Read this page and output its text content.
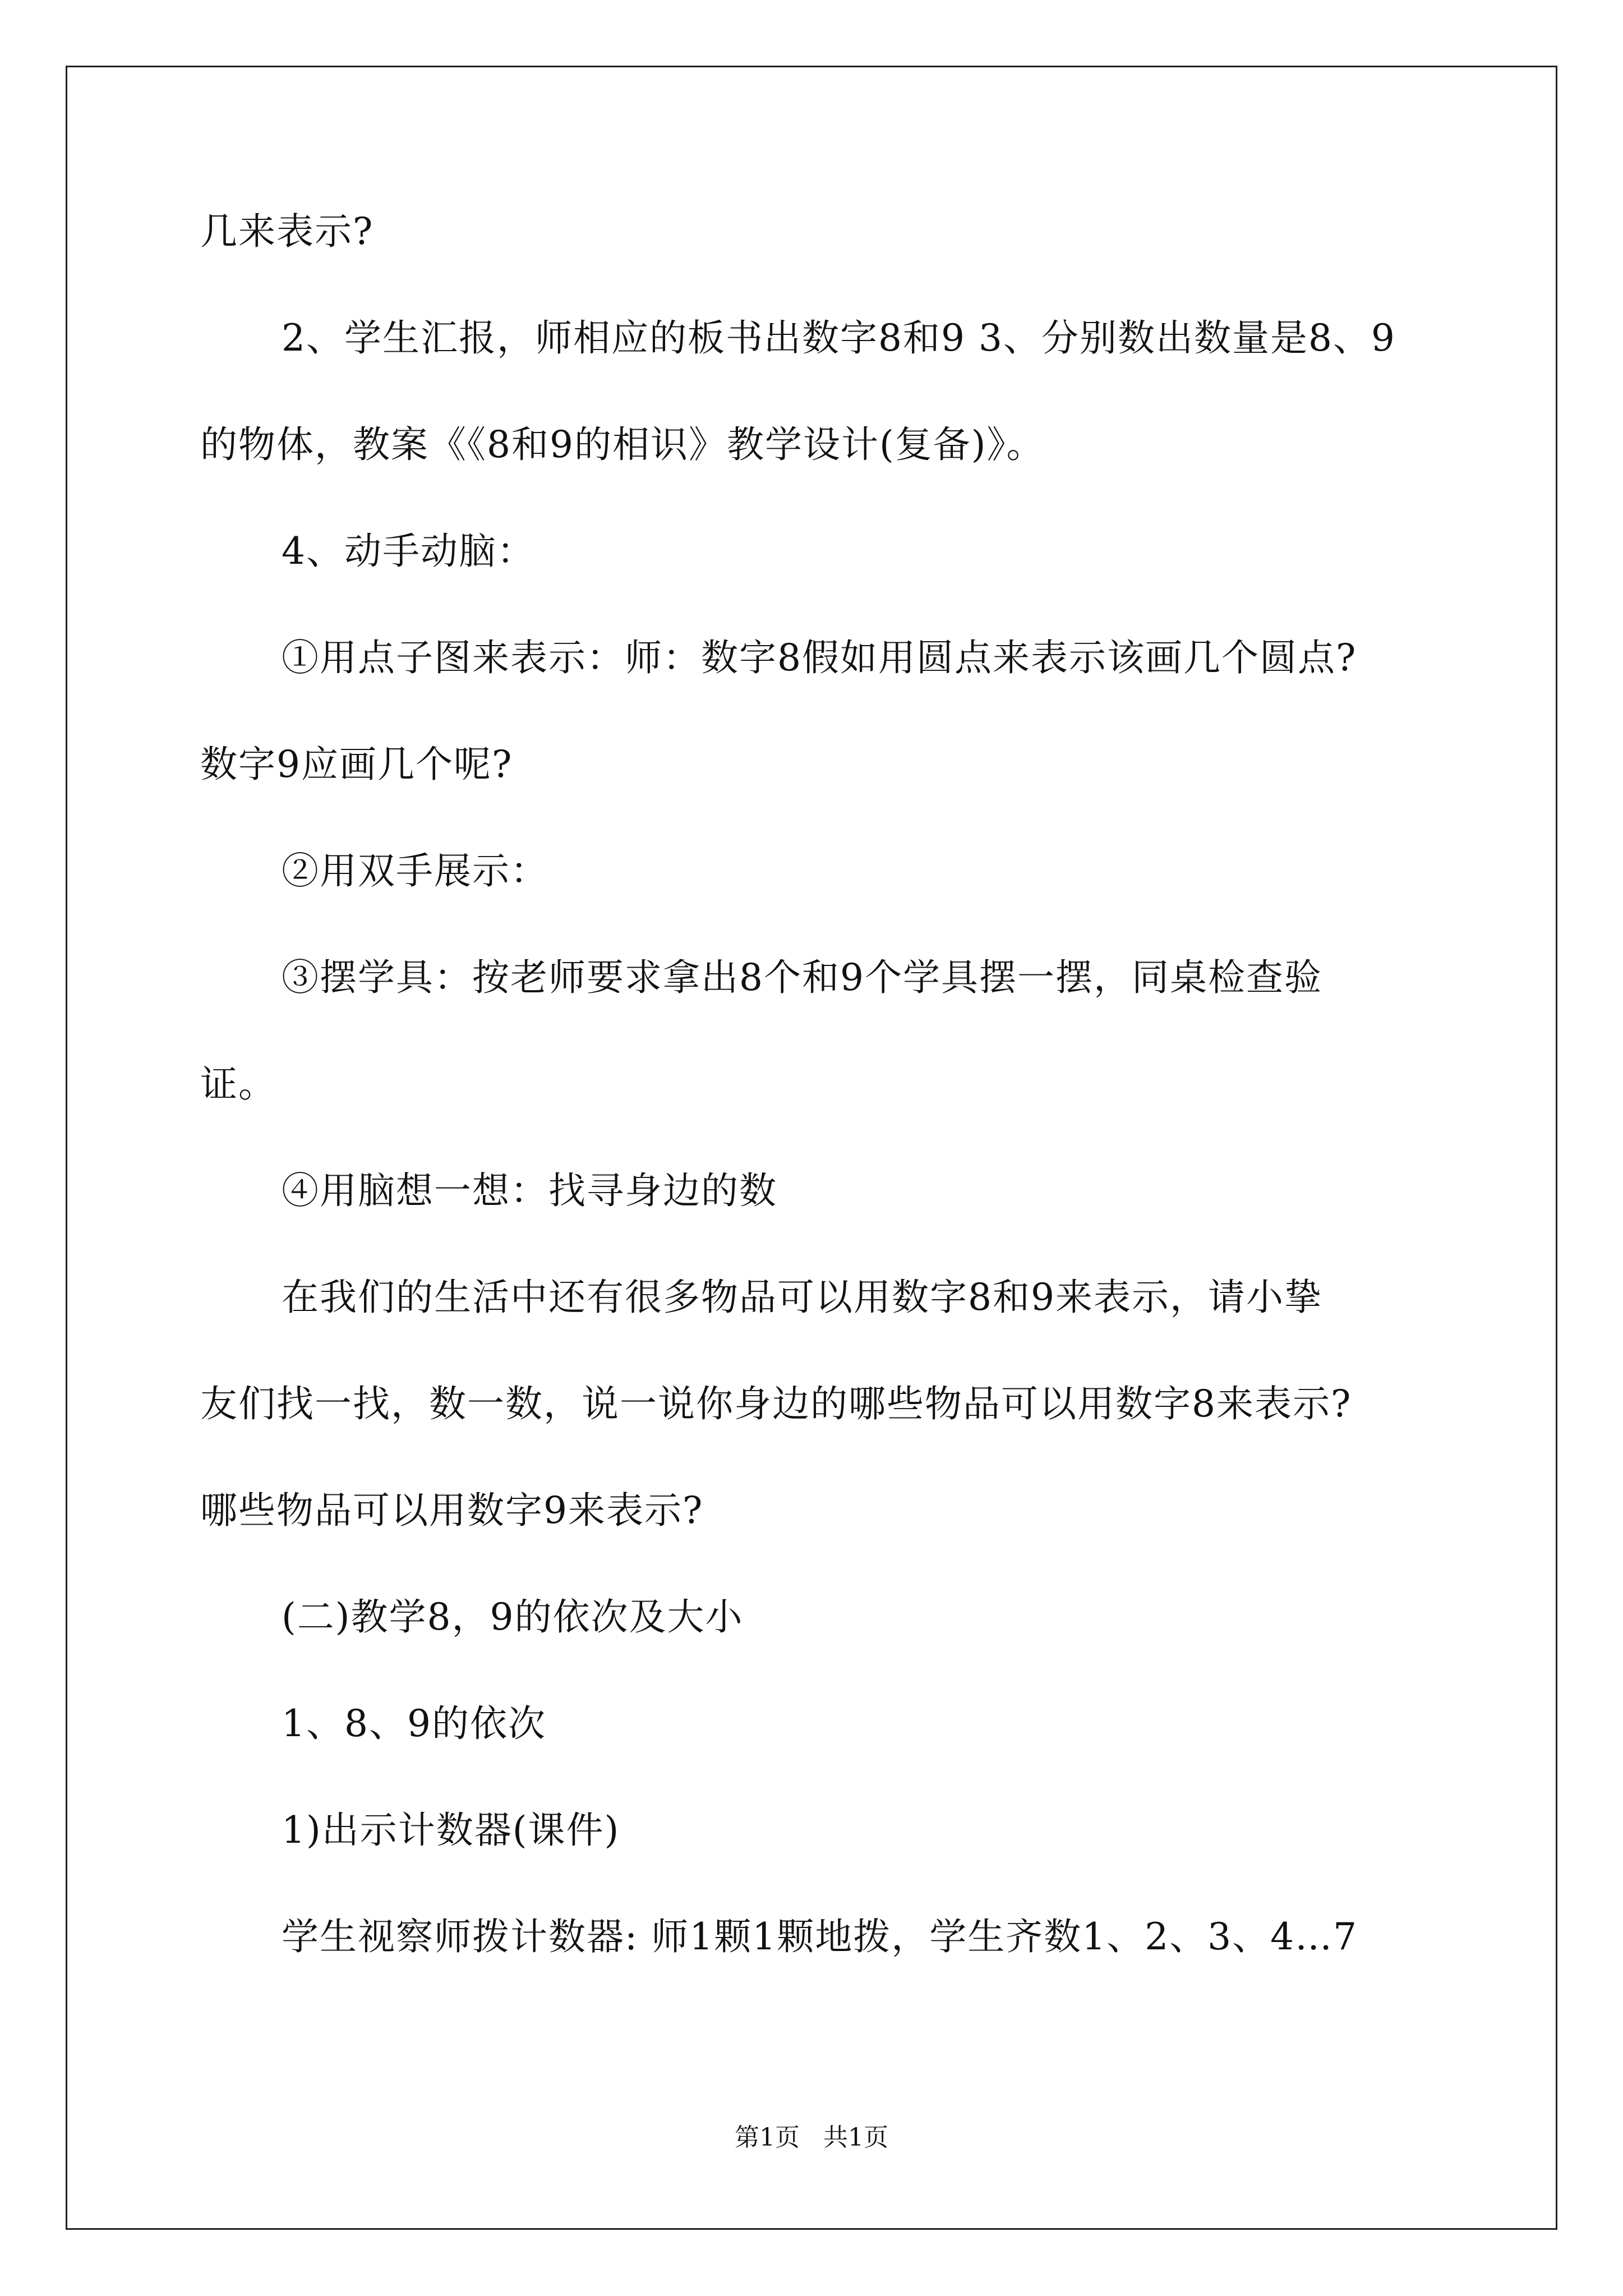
几来表示?
2、学生汇报，师相应的板书出数字8和9 3、分别数出数量是8、9
的物体，教案《《8和9的相识》教学设计(复备)》。
4、动手动脑：
①用点子图来表示：师：数字8假如用圆点来表示该画几个圆点?
数字9应画几个呢?
②用双手展示：
③摆学具：按老师要求拿出8个和9个学具摆一摆，同桌检查验
证。
④用脑想一想：找寻身边的数
在我们的生活中还有很多物品可以用数字8和9来表示，请小挚
友们找一找，数一数，说一说你身边的哪些物品可以用数字8来表示?
哪些物品可以用数字9来表示?
(二)教学8，9的依次及大小
1、8、9的依次
1)出示计数器(课件)
学生视察师拨计数器: 师1颗1颗地拨，学生齐数1、2、3、4…7
第1页   共1页
